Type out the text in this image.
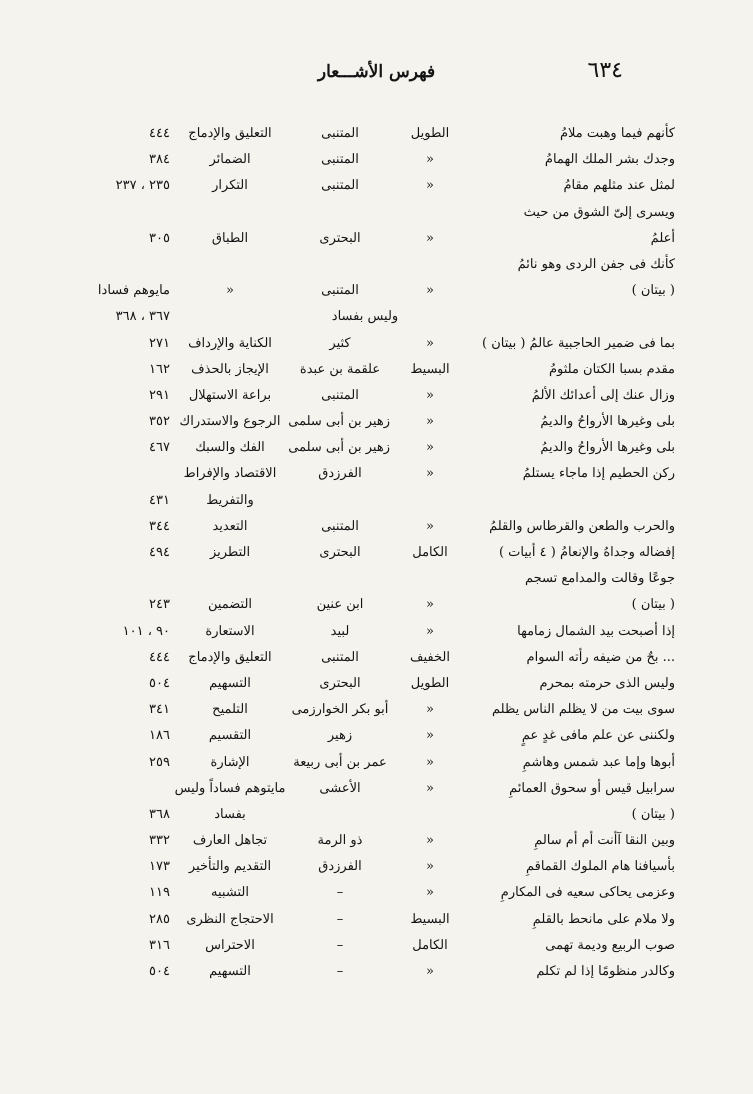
٦٣٤
فهرس الأشـــعار
كأنهم فيما وهبت ملامُ
الطويل
المتنبى
التعليق والإدماج
٤٤٤
وجدك بشر الملك الهمامُ
«
المتنبى
الضمائر
٣٨٤
لمثل عند مثلهم مقامُ
«
المتنبى
التكرار
٢٣٥ ، ٢٣٧
ويسرى إلىّ الشوق من حيث
أعلمُ
«
البحترى
الطباق
٣٠٥
كأنك فى جفن الردى وهو نائمُ
( بيتان )
«
المتنبى
«
مايوهم فسادا
٣٦٧ ، ٣٦٨	وليس بفساد
بما فى ضمير الحاجبية عالمُ ( بيتان )
«
كثير
الكناية والإرداف
٢٧١
مقدم بسبا الكتان ملثومُ
البسيط
علقمة بن عبدة
الإيجاز بالحذف
١٦٢
وزال عنك إلى أعدائك الألمُ
«
المتنبى
براعة الاستهلال
٢٩١
بلى وغيرها الأرواحُ والديمُ
«
زهير بن أبى سلمى
الرجوع والاستدراك
٣٥٢
بلى وغيرها الأرواحُ والديمُ
«
زهير بن أبى سلمى
الفك والسبك
٤٦٧
ركن الحطيم إذا ماجاء يستلمُ
«
الفرزدق
الاقتصاد والإفراط
والتفريط
٤٣١
والحرب والطعن والقرطاس والقلمُ
«
المتنبى
التعديد
٣٤٤
إفضاله وجداهُ والإنعامُ ( ٤ أبيات )
الكامل
البحترى
التطريز
٤٩٤
جوعًا وقالت والمدامع تسجم
( بيتان )
«
ابن عنين
التضمين
٢٤٣
إذا أصبحت بيد الشمال زمامها
«
لبيد
الاستعارة
٩٠ ، ١٠١
... بحٌ من ضيفه رأته السوام
الخفيف
المتنبى
التعليق والإدماج
٤٤٤
وليس الذى حرمته بمحرم
الطويل
البحترى
التسهيم
٥٠٤
سوى بيت من لا يظلم الناس يظلم
«
أبو بكر الخوارزمى
التلميح
٣٤١
ولكننى عن علم مافى غدٍ عمٍ
«
زهير
التقسيم
١٨٦
أبوها وإما عبد شمس وهاشمِ
«
عمر بن أبى ربيعة
الإشارة
٢٥٩
سرابيل قيس أو سحوق العمائمِ
«
الأعشى
مايتوهم فساداً وليس
( بيتان )
بفساد
٣٦٨
وبين النقا آأنت أم أم سالمِ
«
ذو الرمة
تجاهل العارف
٣٣٢
بأسيافنا هام الملوك القماقمِ
«
الفرزدق
التقديم والتأخير
١٧٣
وعزمى يحاكى سعيه فى المكارمِ
«
–
التشبيه
١١٩
ولا ملام على مانحط بالقلمِ
البسيط
–
الاحتجاج النظرى
٢٨٥
صوب الربيع وديمة تهمى
الكامل
–
الاحتراس
٣١٦
وكالدر منظومًا إذا لم تكلم
«
–
التسهيم
٥٠٤
